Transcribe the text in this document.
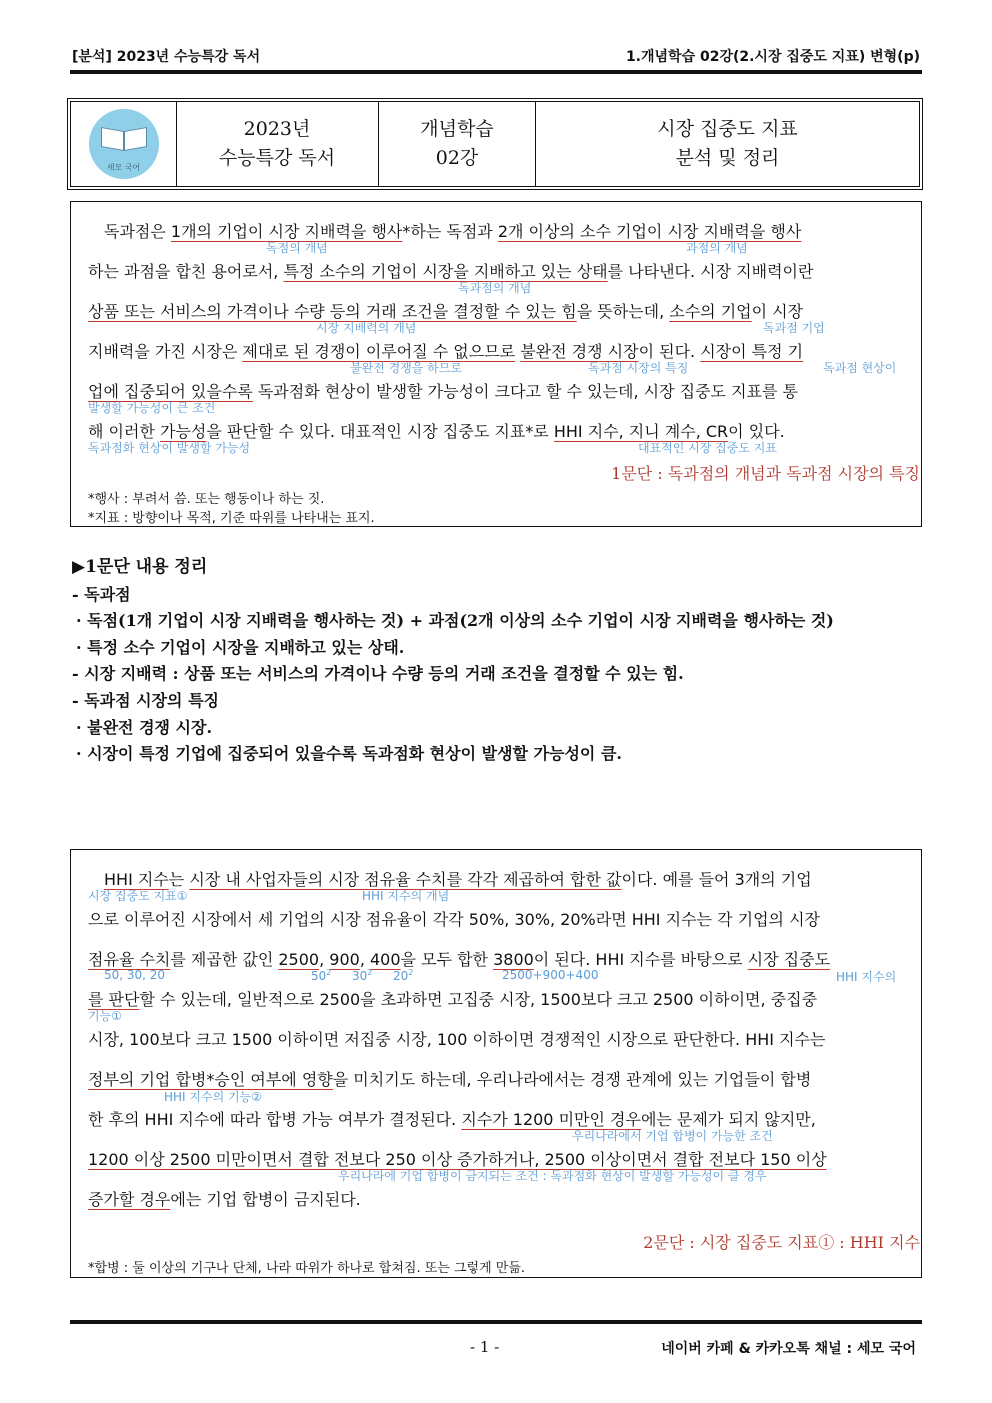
[분석] 2023년 수능특강 독서	1.개념학습 02강(2.시장 집중도 지표) 변형(p)
세모 국어
2023년
수능특강 독서
개념학습
02강
시장 집중도 지표
분석 및 정리
독과점은 1개의 기업이 시장 지배력을 행사*하는 독점과 2개 이상의 소수 기업이 시장 지배력을 행사
독점의 개념	과점의 개념
하는 과점을 합친 용어로서, 특정 소수의 기업이 시장을 지배하고 있는 상태를 나타낸다. 시장 지배력이란
독과점의 개념
상품 또는 서비스의 가격이나 수량 등의 거래 조건을 결정할 수 있는 힘을 뜻하는데, 소수의 기업이 시장
시장 지배력의 개념	독과점 기업
지배력을 가진 시장은 제대로 된 경쟁이 이루어질 수 없으므로 불완전 경쟁 시장이 된다. 시장이 특정 기
불완전 경쟁을 하므로	독과점 시장의 특징	독과점 현상이
업에 집중되어 있을수록 독과점화 현상이 발생할 가능성이 크다고 할 수 있는데, 시장 집중도 지표를 통
발생할 가능성이 큰 조건
해 이러한 가능성을 판단할 수 있다. 대표적인 시장 집중도 지표*로 HHI 지수, 지니 계수, CR이 있다.
독과점화 현상이 발생할 가능성	대표적인 시장 집중도 지표
1문단 : 독과점의 개념과 독과점 시장의 특징
*행사 : 부려서 씀. 또는 행동이나 하는 짓.
*지표 : 방향이나 목적, 기준 따위를 나타내는 표지.
▶1문단 내용 정리
- 독과점
· 독점(1개 기업이 시장 지배력을 행사하는 것) + 과점(2개 이상의 소수 기업이 시장 지배력을 행사하는 것)
· 특정 소수 기업이 시장을 지배하고 있는 상태.
- 시장 지배력 : 상품 또는 서비스의 가격이나 수량 등의 거래 조건을 결정할 수 있는 힘.
- 독과점 시장의 특징
· 불완전 경쟁 시장.
· 시장이 특정 기업에 집중되어 있을수록 독과점화 현상이 발생할 가능성이 큼.
HHI 지수는 시장 내 사업자들의 시장 점유율 수치를 각각 제곱하여 합한 값이다. 예를 들어 3개의 기업
시장 집중도 지표①	HHI 지수의 개념
으로 이루어진 시장에서 세 기업의 시장 점유율이 각각 50%, 30%, 20%라면 HHI 지수는 각 기업의 시장
점유율 수치를 제곱한 값인 2500, 900, 400을 모두 합한 3800이 된다. HHI 지수를 바탕으로 시장 집중도
50, 30, 20	$50^2$ $30^2$ $20^2$	2500+900+400	HHI 지수의
를 판단할 수 있는데, 일반적으로 2500을 초과하면 고집중 시장, 1500보다 크고 2500 이하이면, 중집중
기능①
시장, 100보다 크고 1500 이하이면 저집중 시장, 100 이하이면 경쟁적인 시장으로 판단한다. HHI 지수는
정부의 기업 합병*승인 여부에 영향을 미치기도 하는데, 우리나라에서는 경쟁 관계에 있는 기업들이 합병
HHI 지수의 기능②
한 후의 HHI 지수에 따라 합병 가능 여부가 결정된다. 지수가 1200 미만인 경우에는 문제가 되지 않지만,
우리나라에서 기업 합병이 가능한 조건
1200 이상 2500 미만이면서 결합 전보다 250 이상 증가하거나, 2500 이상이면서 결합 전보다 150 이상
우리나라에 기업 합병이 금지되는 조건 : 독과점화 현상이 발생할 가능성이 클 경우
증가할 경우에는 기업 합병이 금지된다.
2문단 : 시장 집중도 지표① : HHI 지수
*합병 : 둘 이상의 기구나 단체, 나라 따위가 하나로 합쳐짐. 또는 그렇게 만듦.
- 1 -	네이버 카페 & 카카오톡 채널 : 세모 국어
